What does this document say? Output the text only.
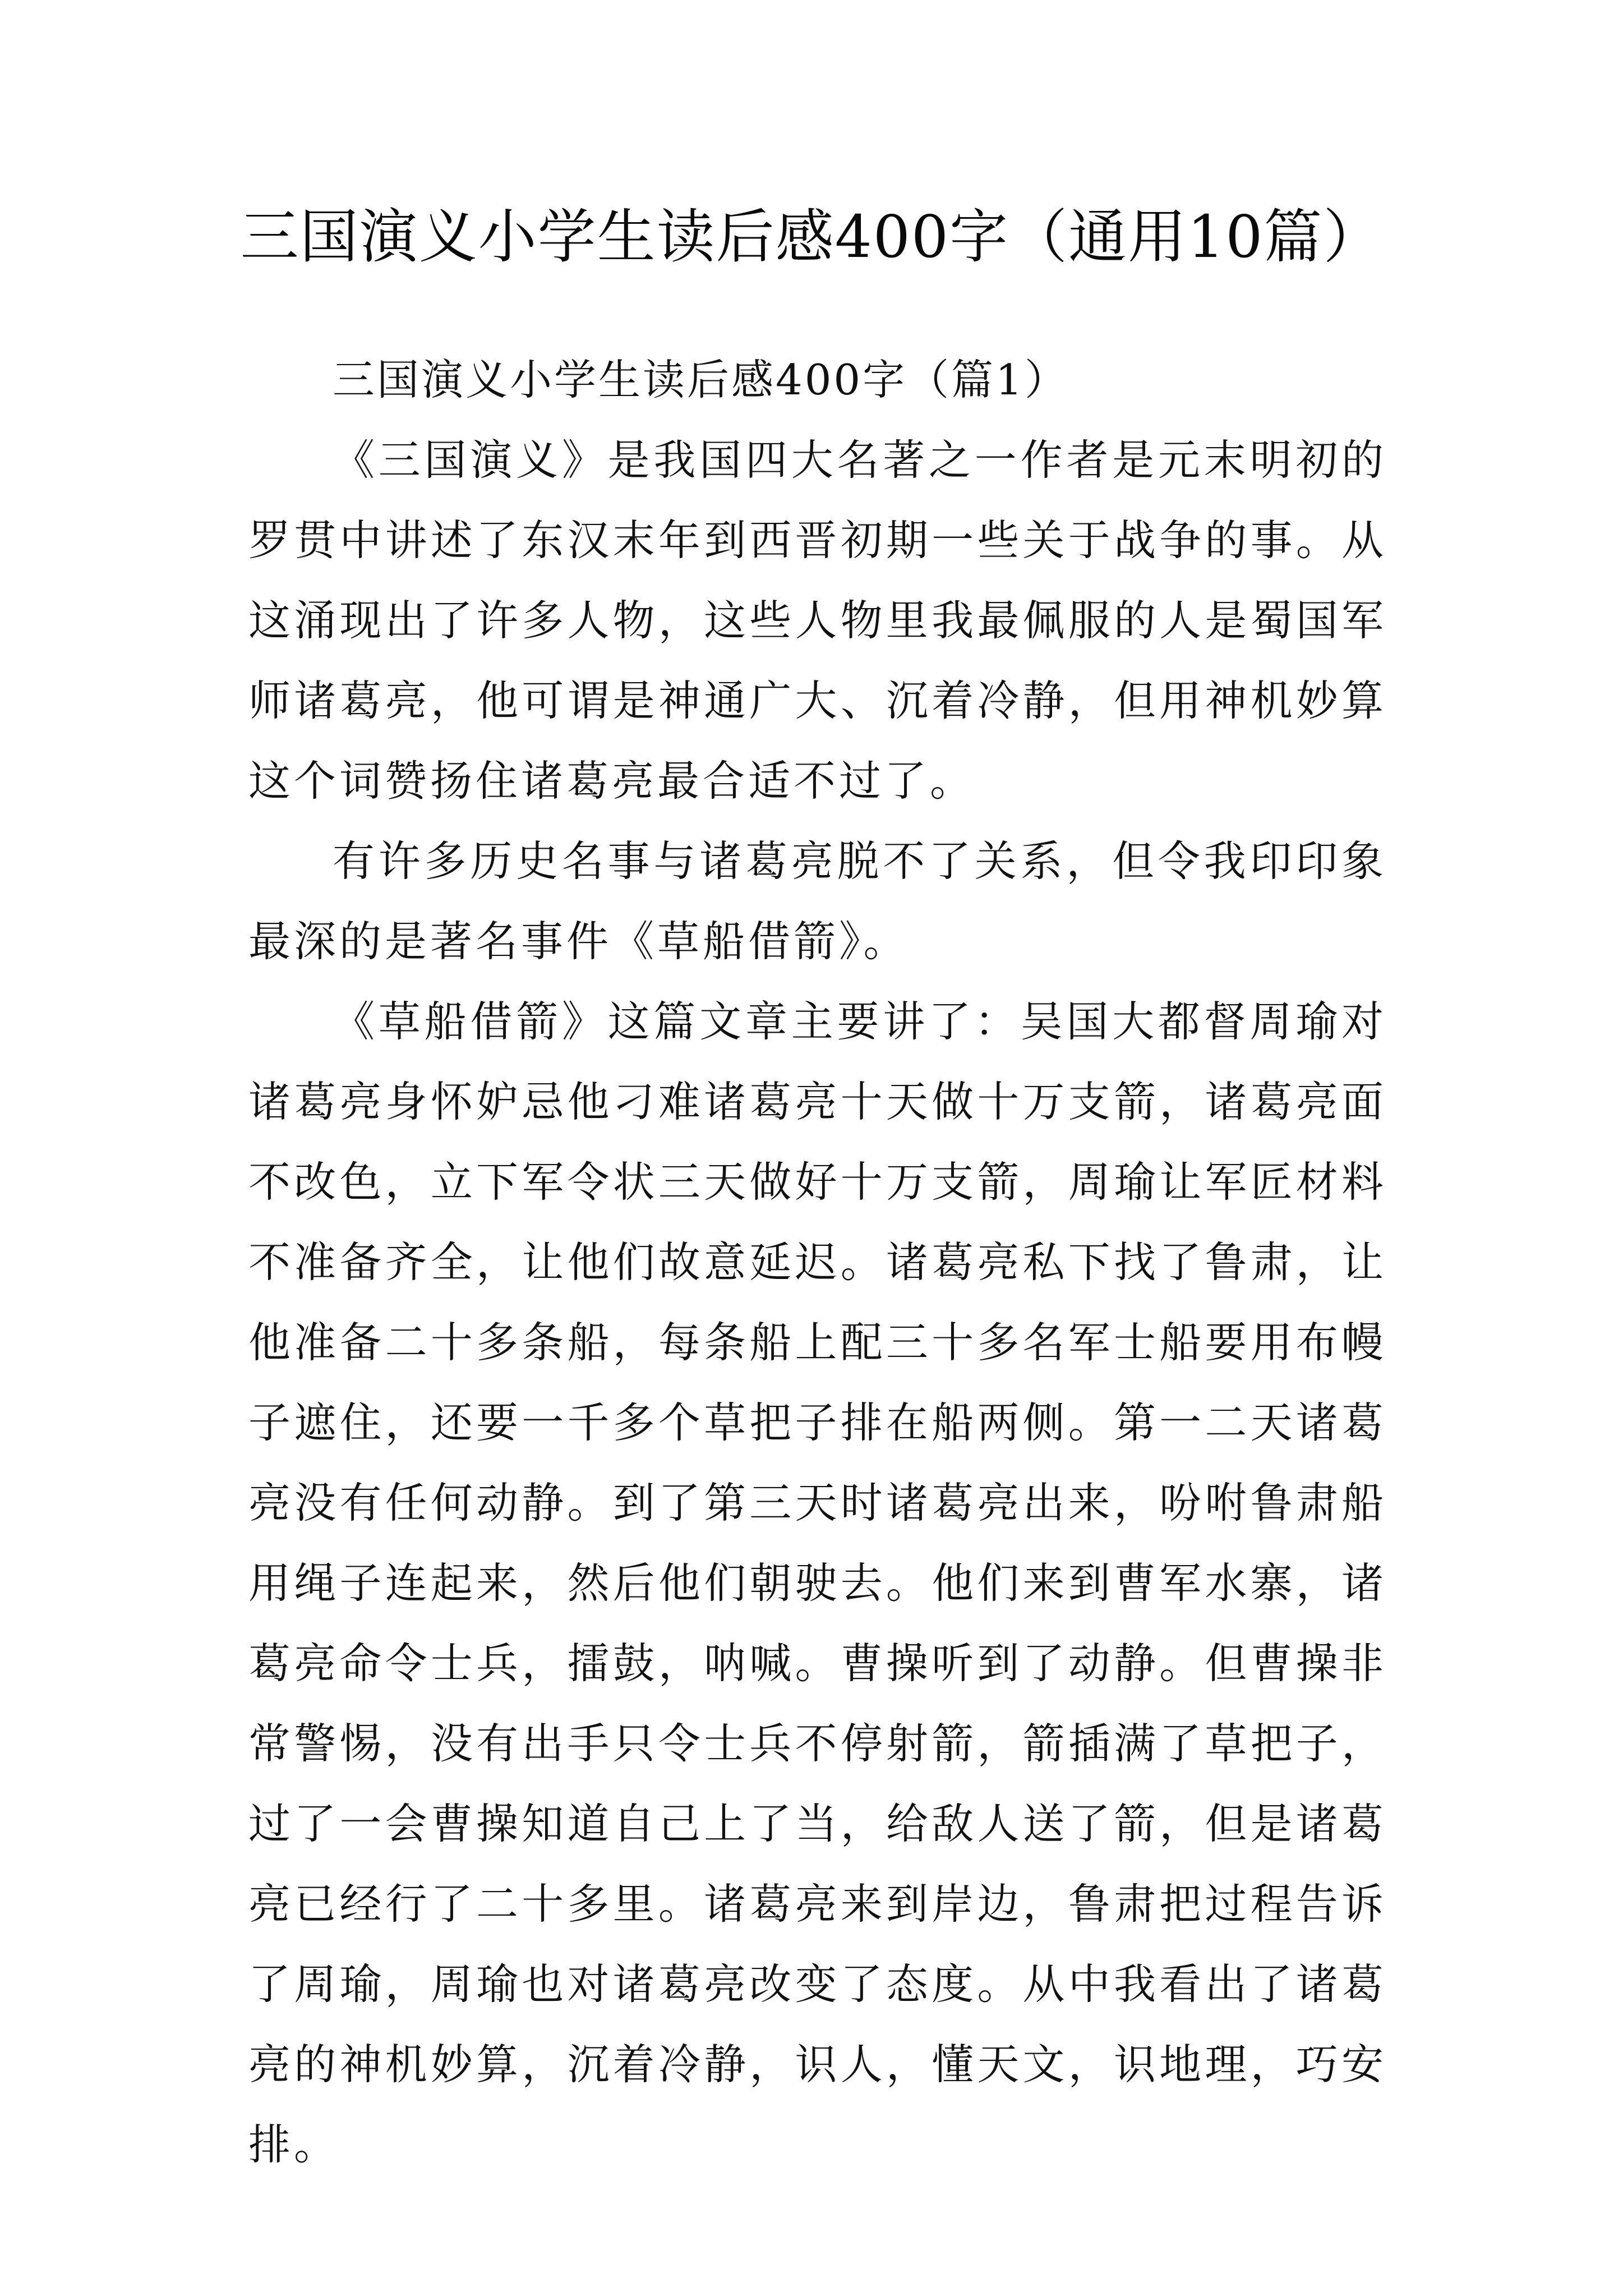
三国演义小学生读后感400字（通用10篇）
三国演义小学生读后感400字（篇1）

《三国演义》是我国四大名著之一作者是元末明初的罗贯中讲述了东汉末年到西晋初期一些关于战争的事。从这涌现出了许多人物，这些人物里我最佩服的人是蜀国军师诸葛亮，他可谓是神通广大、沉着冷静，但用神机妙算这个词赞扬住诸葛亮最合适不过了。

有许多历史名事与诸葛亮脱不了关系，但令我印印象最深的是著名事件《草船借箭》。

《草船借箭》这篇文章主要讲了：吴国大都督周瑜对诸葛亮身怀妒忌他刁难诸葛亮十天做十万支箭，诸葛亮面不改色，立下军令状三天做好十万支箭，周瑜让军匠材料不准备齐全，让他们故意延迟。诸葛亮私下找了鲁肃，让他准备二十多条船，每条船上配三十多名军士船要用布幔子遮住，还要一千多个草把子排在船两侧。第一二天诸葛亮没有任何动静。到了第三天时诸葛亮出来，吩咐鲁肃船用绳子连起来，然后他们朝驶去。他们来到曹军水寨，诸葛亮命令士兵，擂鼓，呐喊。曹操听到了动静。但曹操非常警惕，没有出手只令士兵不停射箭，箭插满了草把子，过了一会曹操知道自己上了当，给敌人送了箭，但是诸葛亮已经行了二十多里。诸葛亮来到岸边，鲁肃把过程告诉了周瑜，周瑜也对诸葛亮改变了态度。从中我看出了诸葛亮的神机妙算，沉着冷静，识人，懂天文，识地理，巧安排。
